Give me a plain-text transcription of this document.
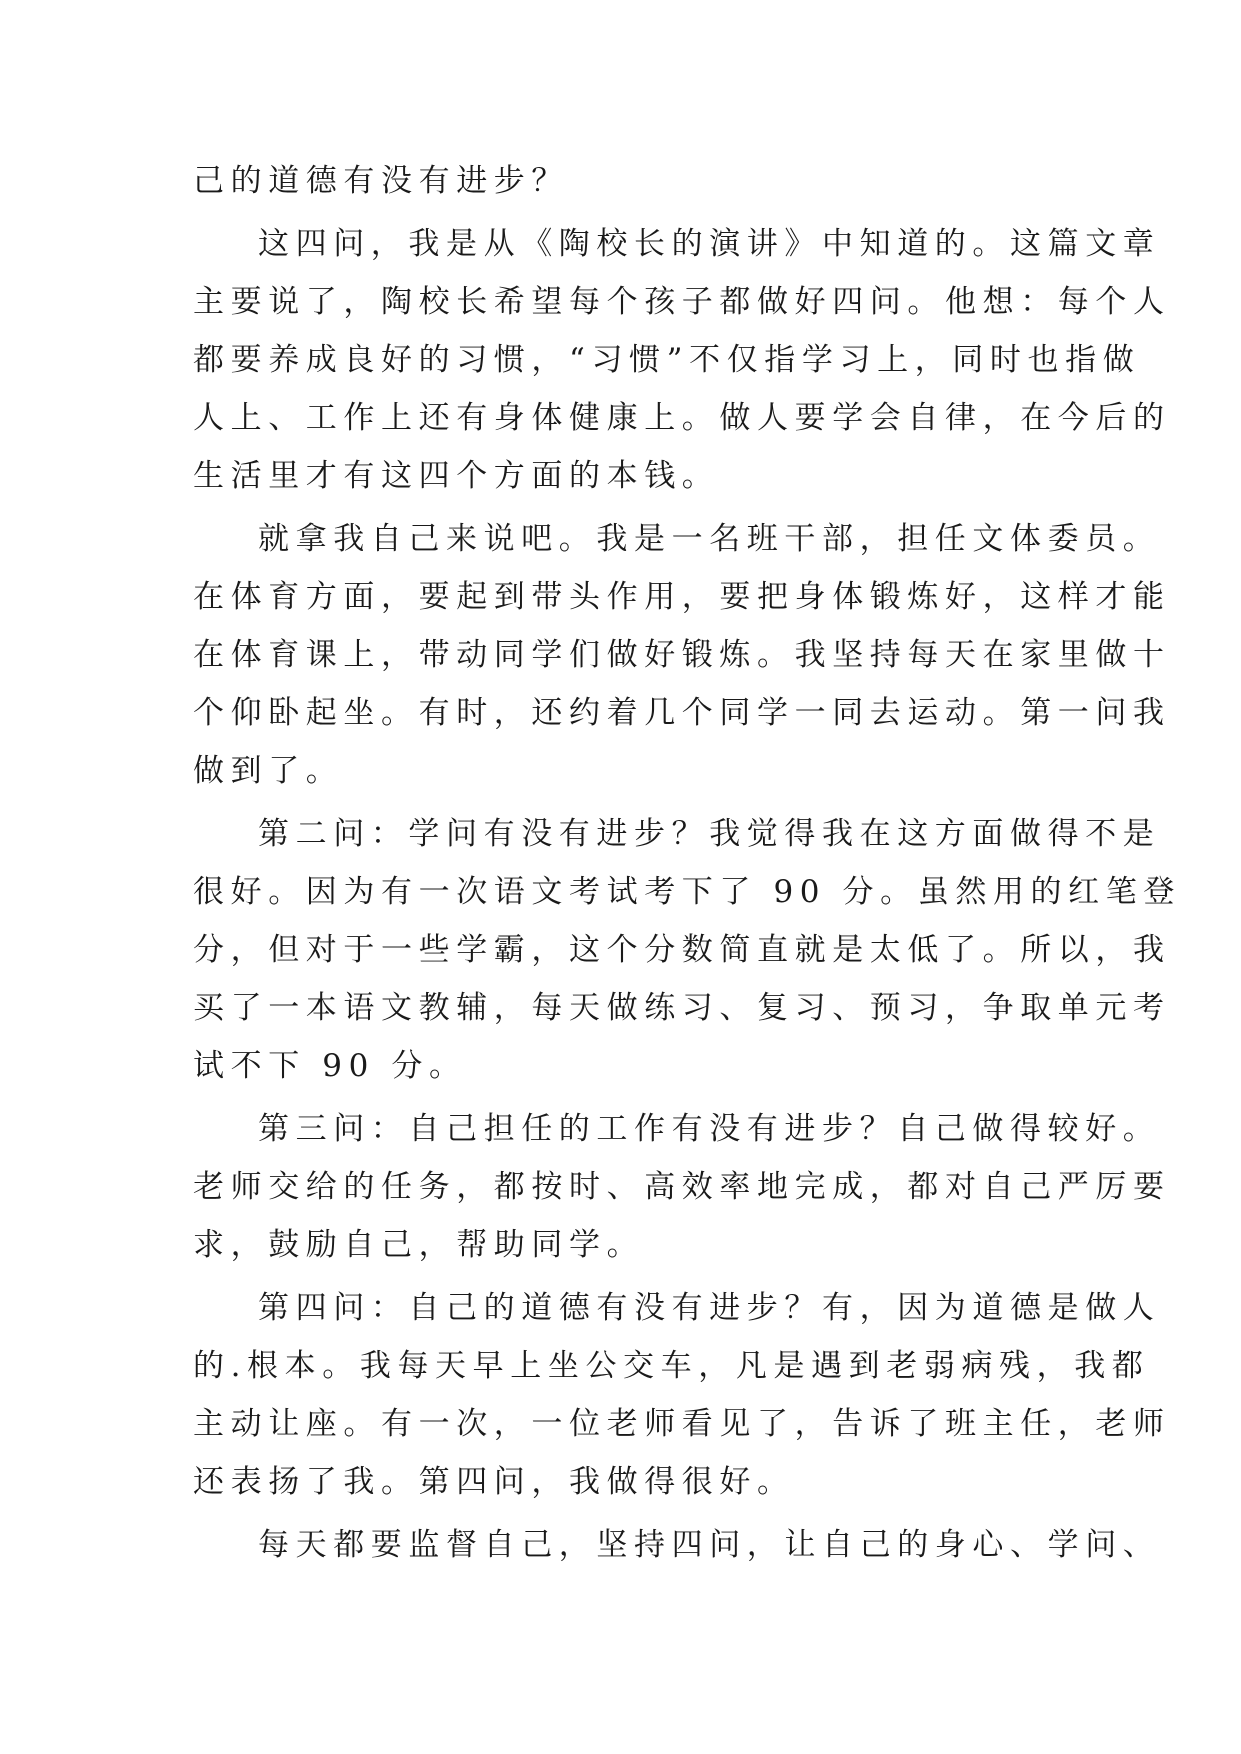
己的道德有没有进步？
这四问，我是从《陶校长的演讲》中知道的。这篇文章
主要说了，陶校长希望每个孩子都做好四问。他想：每个人
都要养成良好的习惯，“习惯”不仅指学习上，同时也指做
人上、工作上还有身体健康上。做人要学会自律，在今后的
生活里才有这四个方面的本钱。
就拿我自己来说吧。我是一名班干部，担任文体委员。
在体育方面，要起到带头作用，要把身体锻炼好，这样才能
在体育课上，带动同学们做好锻炼。我坚持每天在家里做十
个仰卧起坐。有时，还约着几个同学一同去运动。第一问我
做到了。
第二问：学问有没有进步？我觉得我在这方面做得不是
很好。因为有一次语文考试考下了 90 分。虽然用的红笔登
分，但对于一些学霸，这个分数简直就是太低了。所以，我
买了一本语文教辅，每天做练习、复习、预习，争取单元考
试不下 90 分。
第三问：自己担任的工作有没有进步？自己做得较好。
老师交给的任务，都按时、高效率地完成，都对自己严厉要
求，鼓励自己，帮助同学。
第四问：自己的道德有没有进步？有，因为道德是做人
的.根本。我每天早上坐公交车，凡是遇到老弱病残，我都
主动让座。有一次，一位老师看见了，告诉了班主任，老师
还表扬了我。第四问，我做得很好。
每天都要监督自己，坚持四问，让自己的身心、学问、
